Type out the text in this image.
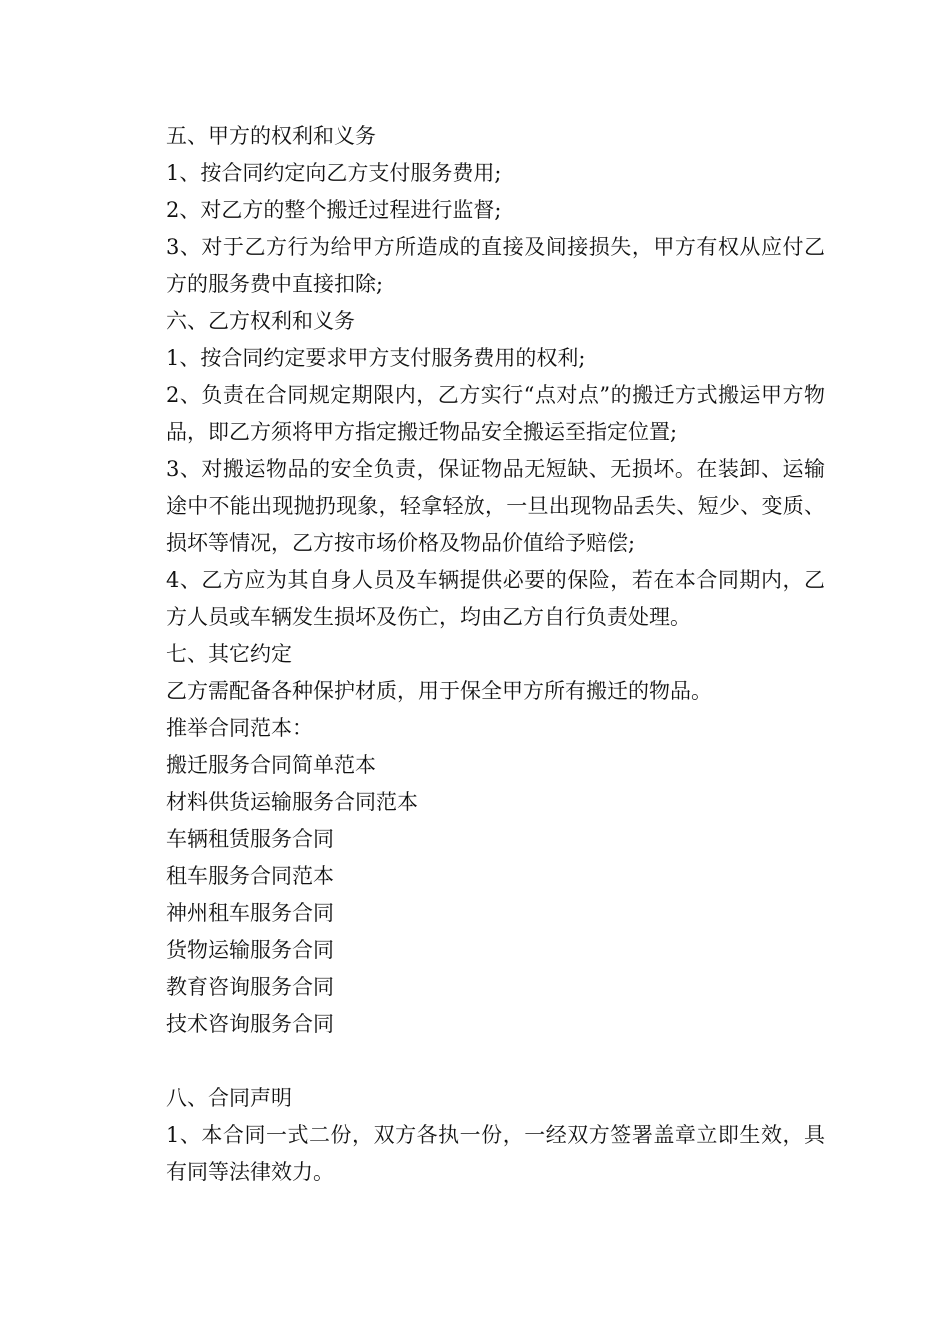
五、甲方的权利和义务

1、按合同约定向乙方支付服务费用;

2、对乙方的整个搬迁过程进行监督;

3、对于乙方行为给甲方所造成的直接及间接损失，甲方有权从应付乙方的服务费中直接扣除;

六、乙方权利和义务

1、按合同约定要求甲方支付服务费用的权利;

2、负责在合同规定期限内，乙方实行“点对点”的搬迁方式搬运甲方物品，即乙方须将甲方指定搬迁物品安全搬运至指定位置;

3、对搬运物品的安全负责，保证物品无短缺、无损坏。在装卸、运输途中不能出现抛扔现象，轻拿轻放，一旦出现物品丢失、短少、变质、损坏等情况，乙方按市场价格及物品价值给予赔偿;

4、乙方应为其自身人员及车辆提供必要的保险，若在本合同期内，乙方人员或车辆发生损坏及伤亡，均由乙方自行负责处理。

七、其它约定

乙方需配备各种保护材质，用于保全甲方所有搬迁的物品。

推举合同范本：

搬迁服务合同简单范本

材料供货运输服务合同范本

车辆租赁服务合同

租车服务合同范本

神州租车服务合同

货物运输服务合同

教育咨询服务合同

技术咨询服务合同

八、合同声明

1、本合同一式二份，双方各执一份，一经双方签署盖章立即生效，具有同等法律效力。
